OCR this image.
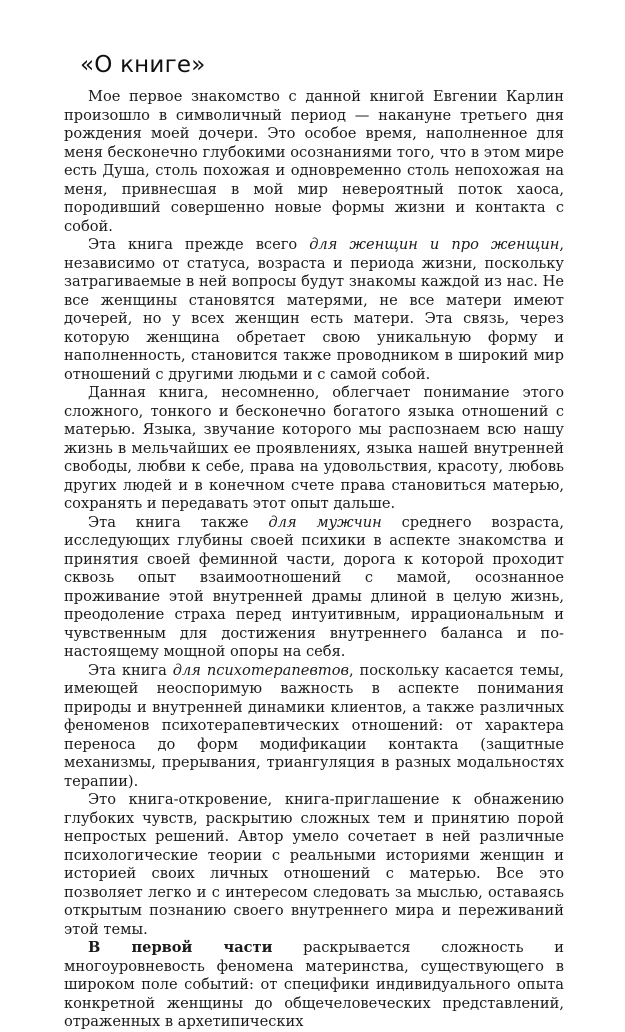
«О книге»

Мое первое знакомство с данной книгой Евгении Карлин произошло в символичный период — накануне третьего дня рождения моей дочери. Это особое время, наполненное для меня бесконечно глубокими осознаниями того, что в этом мире есть Душа, столь похожая и одновременно столь непохожая на меня, привнесшая в мой мир невероятный поток хаоса, породивший совершенно новые формы жизни и контакта с собой.

Эта книга прежде всего для женщин и про женщин, независимо от статуса, возраста и периода жизни, поскольку затрагиваемые в ней вопросы будут знакомы каждой из нас. Не все женщины становятся матерями, не все матери имеют дочерей, но у всех женщин есть матери. Эта связь, через которую женщина обретает свою уникальную форму и наполненность, становится также проводником в широкий мир отношений с другими людьми и с самой собой.

Данная книга, несомненно, облегчает понимание этого сложного, тонкого и бесконечно богатого языка отношений с матерью. Языка, звучание которого мы распознаем всю нашу жизнь в мельчайших ее проявлениях, языка нашей внутренней свободы, любви к себе, права на удовольствия, красоту, любовь других людей и в конечном счете права становиться матерью, сохранять и передавать этот опыт дальше.

Эта книга также для мужчин среднего возраста, исследующих глубины своей психики в аспекте знакомства и принятия своей феминной части, дорога к которой проходит сквозь опыт взаимоотношений с мамой, осознанное проживание этой внутренней драмы длиной в целую жизнь, преодоление страха перед интуитивным, иррациональным и чувственным для достижения внутреннего баланса и по-настоящему мощной опоры на себя.

Эта книга для психотерапевтов, поскольку касается темы, имеющей неоспоримую важность в аспекте понимания природы и внутренней динамики клиентов, а также различных феноменов психотерапевтических отношений: от характера переноса до форм модификации контакта (защитные механизмы, прерывания, триангуляция в разных модальностях терапии).

Это книга-откровение, книга-приглашение к обнажению глубоких чувств, раскрытию сложных тем и принятию порой непростых решений. Автор умело сочетает в ней различные психологические теории с реальными историями женщин и историей своих личных отношений с матерью. Все это позволяет легко и с интересом следовать за мыслью, оставаясь открытым познанию своего внутреннего мира и переживаний этой темы.

В первой части раскрывается сложность и многоуровневость феномена материнства, существующего в широком поле событий: от специфики индивидуального опыта конкретной женщины до общечеловеческих представлений, отраженных в архетипических
